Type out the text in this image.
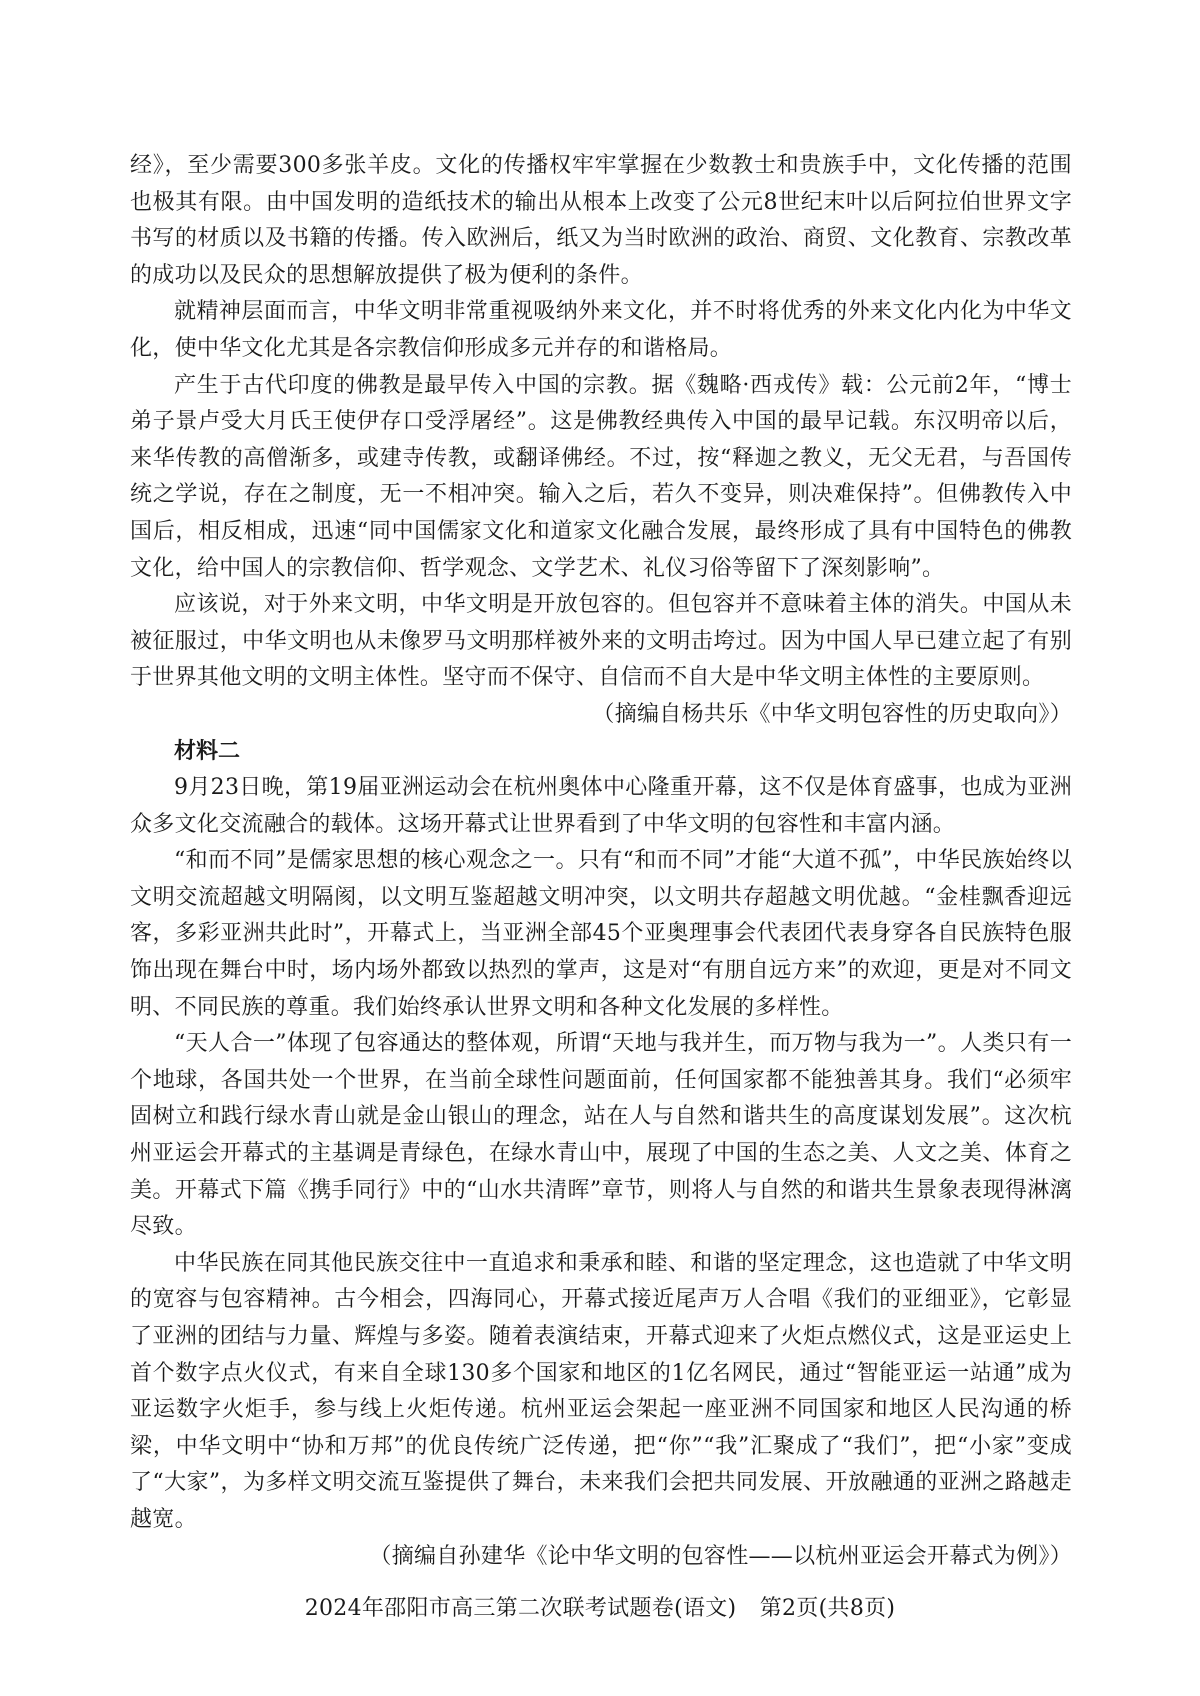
经》，至少需要300多张羊皮。文化的传播权牢牢掌握在少数教士和贵族手中，文化传播的范围也极其有限。由中国发明的造纸技术的输出从根本上改变了公元8世纪末叶以后阿拉伯世界文字书写的材质以及书籍的传播。传入欧洲后，纸又为当时欧洲的政治、商贸、文化教育、宗教改革的成功以及民众的思想解放提供了极为便利的条件。

就精神层面而言，中华文明非常重视吸纳外来文化，并不时将优秀的外来文化内化为中华文化，使中华文化尤其是各宗教信仰形成多元并存的和谐格局。

产生于古代印度的佛教是最早传入中国的宗教。据《魏略·西戎传》载：公元前2年，“博士弟子景卢受大月氏王使伊存口受浮屠经”。这是佛教经典传入中国的最早记载。东汉明帝以后，来华传教的高僧渐多，或建寺传教，或翻译佛经。不过，按“释迦之教义，无父无君，与吾国传统之学说，存在之制度，无一不相冲突。输入之后，若久不变异，则决难保持”。但佛教传入中国后，相反相成，迅速“同中国儒家文化和道家文化融合发展，最终形成了具有中国特色的佛教文化，给中国人的宗教信仰、哲学观念、文学艺术、礼仪习俗等留下了深刻影响”。

应该说，对于外来文明，中华文明是开放包容的。但包容并不意味着主体的消失。中国从未被征服过，中华文明也从未像罗马文明那样被外来的文明击垮过。因为中国人早已建立起了有别于世界其他文明的文明主体性。坚守而不保守、自信而不自大是中华文明主体性的主要原则。

（摘编自杨共乐《中华文明包容性的历史取向》）

材料二

9月23日晚，第19届亚洲运动会在杭州奥体中心隆重开幕，这不仅是体育盛事，也成为亚洲众多文化交流融合的载体。这场开幕式让世界看到了中华文明的包容性和丰富内涵。

“和而不同”是儒家思想的核心观念之一。只有“和而不同”才能“大道不孤”，中华民族始终以文明交流超越文明隔阂，以文明互鉴超越文明冲突，以文明共存超越文明优越。“金桂飘香迎远客，多彩亚洲共此时”，开幕式上，当亚洲全部45个亚奥理事会代表团代表身穿各自民族特色服饰出现在舞台中时，场内场外都致以热烈的掌声，这是对“有朋自远方来”的欢迎，更是对不同文明、不同民族的尊重。我们始终承认世界文明和各种文化发展的多样性。

“天人合一”体现了包容通达的整体观，所谓“天地与我并生，而万物与我为一”。人类只有一个地球，各国共处一个世界，在当前全球性问题面前，任何国家都不能独善其身。我们“必须牢固树立和践行绿水青山就是金山银山的理念，站在人与自然和谐共生的高度谋划发展”。这次杭州亚运会开幕式的主基调是青绿色，在绿水青山中，展现了中国的生态之美、人文之美、体育之美。开幕式下篇《携手同行》中的“山水共清晖”章节，则将人与自然的和谐共生景象表现得淋漓尽致。

中华民族在同其他民族交往中一直追求和秉承和睦、和谐的坚定理念，这也造就了中华文明的宽容与包容精神。古今相会，四海同心，开幕式接近尾声万人合唱《我们的亚细亚》，它彰显了亚洲的团结与力量、辉煌与多姿。随着表演结束，开幕式迎来了火炬点燃仪式，这是亚运史上首个数字点火仪式，有来自全球130多个国家和地区的1亿名网民，通过“智能亚运一站通”成为亚运数字火炬手，参与线上火炬传递。杭州亚运会架起一座亚洲不同国家和地区人民沟通的桥梁，中华文明中“协和万邦”的优良传统广泛传递，把“你”“我”汇聚成了“我们”，把“小家”变成了“大家”，为多样文明交流互鉴提供了舞台，未来我们会把共同发展、开放融通的亚洲之路越走越宽。

（摘编自孙建华《论中华文明的包容性——以杭州亚运会开幕式为例》）

2024年邵阳市高三第二次联考试题卷(语文) 第2页(共8页)
